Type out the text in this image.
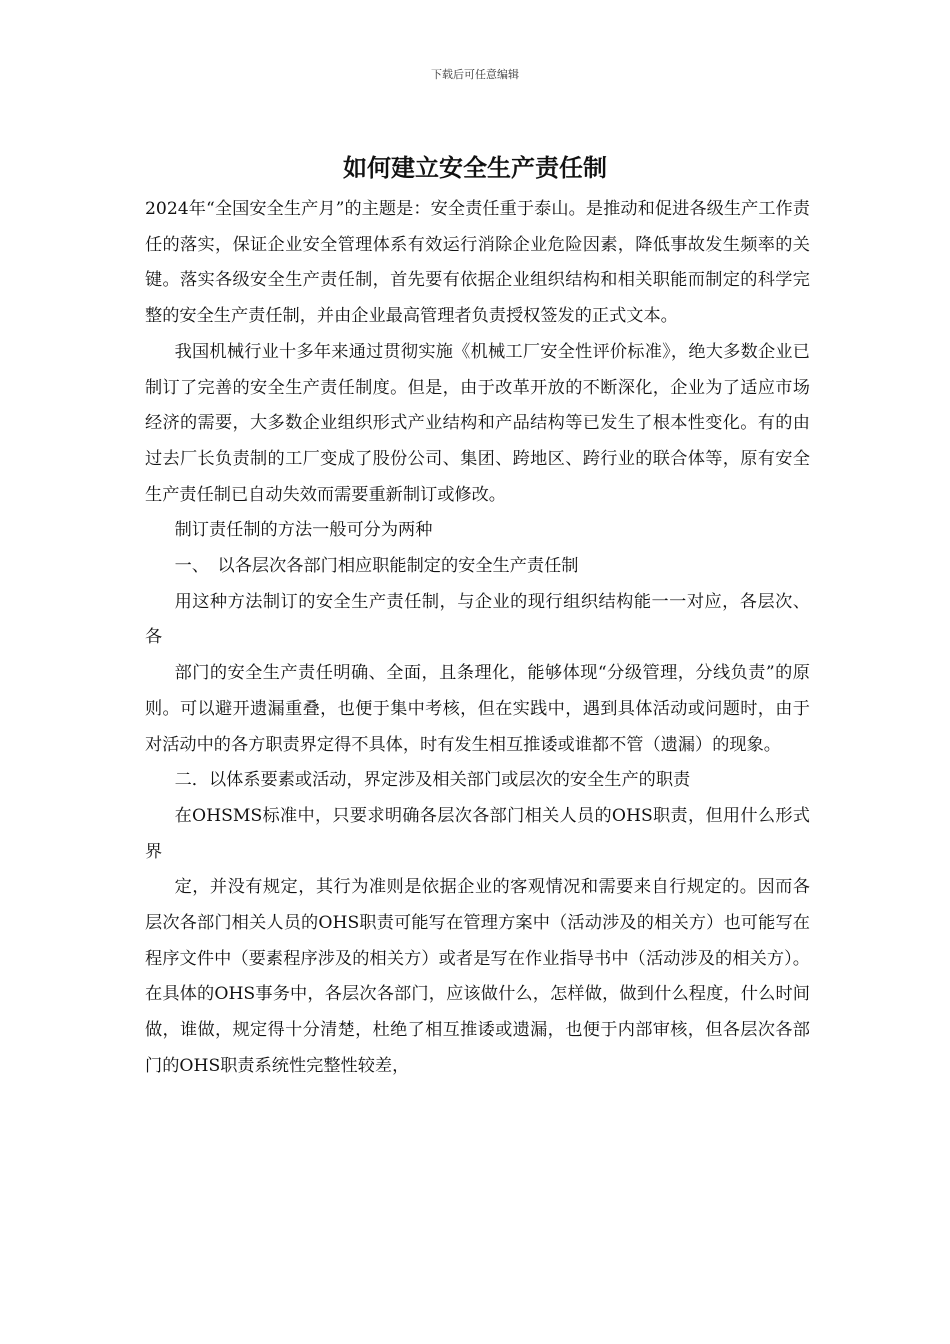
下载后可任意编辑
如何建立安全生产责任制

2024年“全国安全生产月”的主题是：安全责任重于泰山。是推动和促进各级生产工作责任的落实，保证企业安全管理体系有效运行消除企业危险因素，降低事故发生频率的关键。落实各级安全生产责任制，首先要有依据企业组织结构和相关职能而制定的科学完整的安全生产责任制，并由企业最高管理者负责授权签发的正式文本。

我国机械行业十多年来通过贯彻实施《机械工厂安全性评价标准》，绝大多数企业已制订了完善的安全生产责任制度。但是，由于改革开放的不断深化，企业为了适应市场经济的需要，大多数企业组织形式产业结构和产品结构等已发生了根本性变化。有的由过去厂长负责制的工厂变成了股份公司、集团、跨地区、跨行业的联合体等，原有安全生产责任制已自动失效而需要重新制订或修改。

制订责任制的方法一般可分为两种

一、　以各层次各部门相应职能制定的安全生产责任制

用这种方法制订的安全生产责任制，与企业的现行组织结构能一一对应，各层次、各

部门的安全生产责任明确、全面，且条理化，能够体现“分级管理，分线负责”的原则。可以避开遗漏重叠，也便于集中考核，但在实践中，遇到具体活动或问题时，由于对活动中的各方职责界定得不具体，时有发生相互推诿或谁都不管（遗漏）的现象。

二．以体系要素或活动，界定涉及相关部门或层次的安全生产的职责

在OHSMS标准中，只要求明确各层次各部门相关人员的OHS职责，但用什么形式界

定，并没有规定，其行为准则是依据企业的客观情况和需要来自行规定的。因而各层次各部门相关人员的OHS职责可能写在管理方案中（活动涉及的相关方）也可能写在程序文件中（要素程序涉及的相关方）或者是写在作业指导书中（活动涉及的相关方）。在具体的OHS事务中，各层次各部门，应该做什么，怎样做，做到什么程度，什么时间做，谁做，规定得十分清楚，杜绝了相互推诿或遗漏，也便于内部审核，但各层次各部门的OHS职责系统性完整性较差，
